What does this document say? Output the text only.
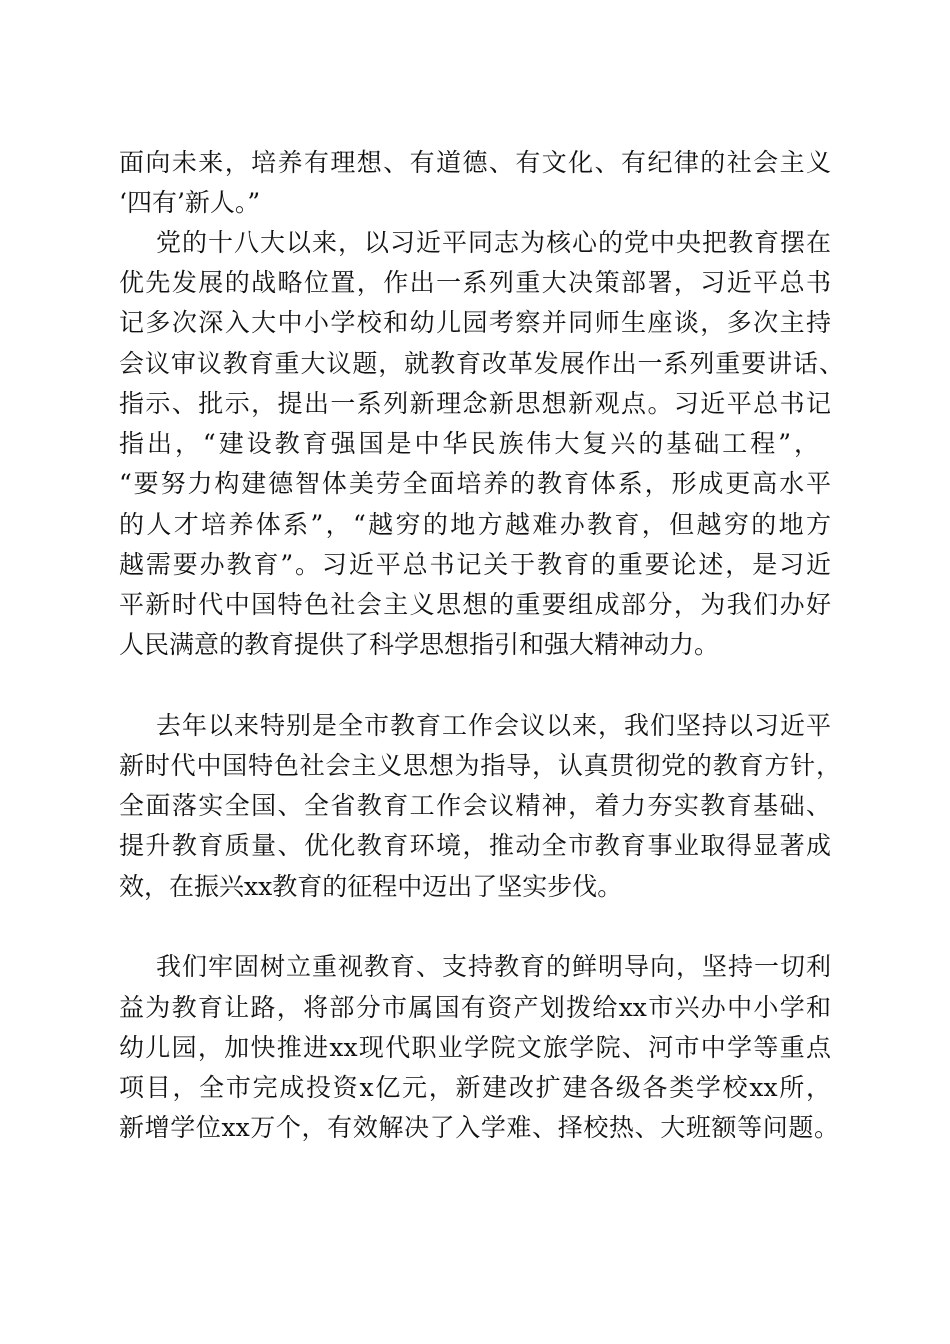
面向未来，培养有理想、有道德、有文化、有纪律的社会主义
‘四有’新人。”
党的十八大以来，以习近平同志为核心的党中央把教育摆在
优先发展的战略位置，作出一系列重大决策部署，习近平总书
记多次深入大中小学校和幼儿园考察并同师生座谈，多次主持
会议审议教育重大议题，就教育改革发展作出一系列重要讲话、
指示、批示，提出一系列新理念新思想新观点。习近平总书记
指出，“建设教育强国是中华民族伟大复兴的基础工程”，
“要努力构建德智体美劳全面培养的教育体系，形成更高水平
的人才培养体系”，“越穷的地方越难办教育，但越穷的地方
越需要办教育”。习近平总书记关于教育的重要论述，是习近
平新时代中国特色社会主义思想的重要组成部分，为我们办好
人民满意的教育提供了科学思想指引和强大精神动力。
去年以来特别是全市教育工作会议以来，我们坚持以习近平
新时代中国特色社会主义思想为指导，认真贯彻党的教育方针，
全面落实全国、全省教育工作会议精神，着力夯实教育基础、
提升教育质量、优化教育环境，推动全市教育事业取得显著成
效，在振兴xx教育的征程中迈出了坚实步伐。
我们牢固树立重视教育、支持教育的鲜明导向，坚持一切利
益为教育让路，将部分市属国有资产划拨给xx市兴办中小学和
幼儿园，加快推进xx现代职业学院文旅学院、河市中学等重点
项目，全市完成投资x亿元，新建改扩建各级各类学校xx所，
新增学位xx万个，有效解决了入学难、择校热、大班额等问题。
